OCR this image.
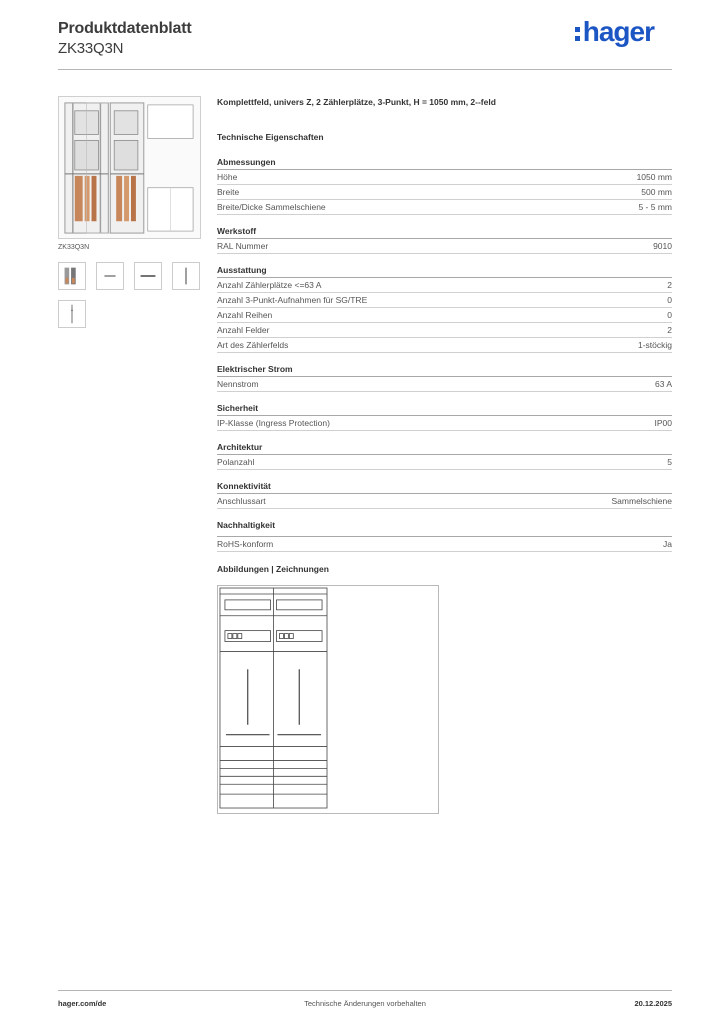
Produktdatenblatt
ZK33Q3N
hager
ZK33Q3N
Komplettfeld, univers Z, 2 Zählerplätze, 3-Punkt, H = 1050 mm, 2--feld
Technische Eigenschaften
Abmessungen
Höhe	1050 mm
Breite	500 mm
Breite/Dicke Sammelschiene	5 - 5 mm
Werkstoff
RAL Nummer	9010
Ausstattung
Anzahl Zählerplätze <=63 A	2
Anzahl 3-Punkt-Aufnahmen für SG/TRE	0
Anzahl Reihen	0
Anzahl Felder	2
Art des Zählerfelds	1-stöckig
Elektrischer Strom
Nennstrom	63 A
Sicherheit
IP-Klasse (Ingress Protection)	IP00
Architektur
Polanzahl	5
Konnektivität
Anschlussart	Sammelschiene
Nachhaltigkeit
RoHS-konform	Ja
Abbildungen | Zeichnungen
hager.com/de	Technische Änderungen vorbehalten	20.12.2025
